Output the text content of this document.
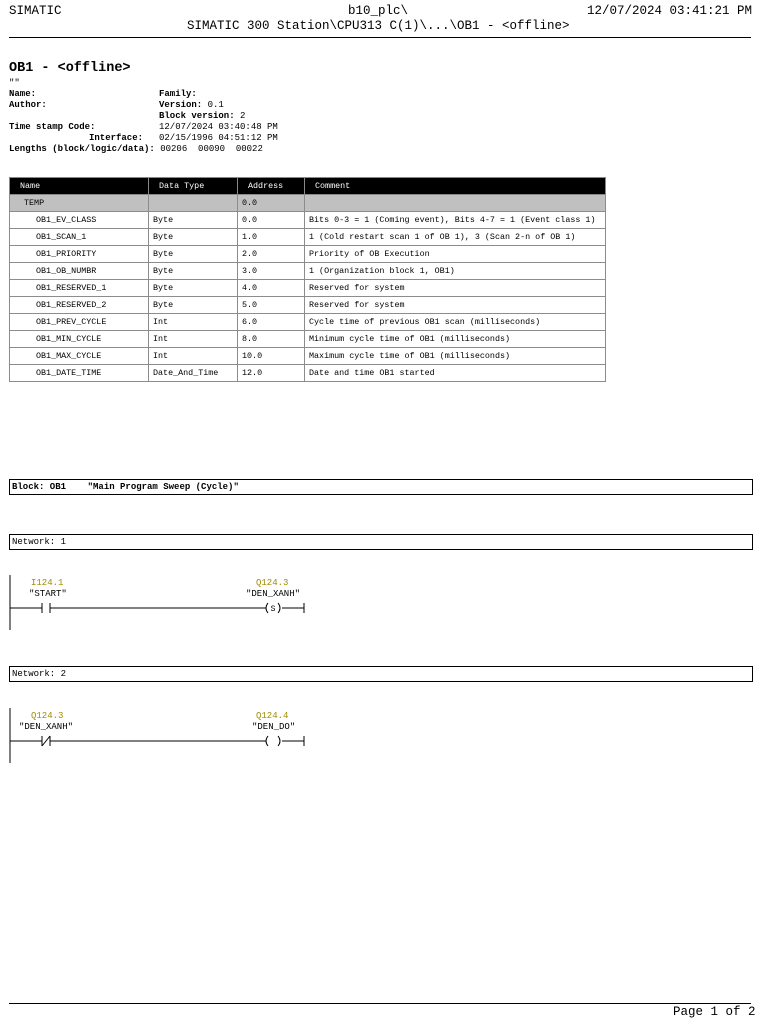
SIMATIC	b10_plc\	12/07/2024 03:41:21 PM
SIMATIC 300 Station\CPU313 C(1)\...\OB1 - <offline>
OB1 - <offline>
""
Name:	Family:
Author:	Version: 0.1
Block version: 2
Time stamp Code:	12/07/2024 03:40:48 PM
Interface: 02/15/1996 04:51:12 PM
Lengths (block/logic/data): 00206  00090  00022
Name	Data Type	Address	Comment
TEMP		0.0	
OB1_EV_CLASS	Byte	0.0	Bits 0-3 = 1 (Coming event), Bits 4-7 = 1 (Event class 1)
OB1_SCAN_1	Byte	1.0	1 (Cold restart scan 1 of OB 1), 3 (Scan 2-n of OB 1)
OB1_PRIORITY	Byte	2.0	Priority of OB Execution
OB1_OB_NUMBR	Byte	3.0	1 (Organization block 1, OB1)
OB1_RESERVED_1	Byte	4.0	Reserved for system
OB1_RESERVED_2	Byte	5.0	Reserved for system
OB1_PREV_CYCLE	Int	6.0	Cycle time of previous OB1 scan (milliseconds)
OB1_MIN_CYCLE	Int	8.0	Minimum cycle time of OB1 (milliseconds)
OB1_MAX_CYCLE	Int	10.0	Maximum cycle time of OB1 (milliseconds)
OB1_DATE_TIME	Date_And_Time	12.0	Date and time OB1 started
Block: OB1 "Main Program Sweep (Cycle)"
Network: 1
I124.1
"START"
Q124.3
"DEN_XANH"
S
Network: 2
Q124.3
"DEN_XANH"
Q124.4
"DEN_DO"
Page 1 of 2
